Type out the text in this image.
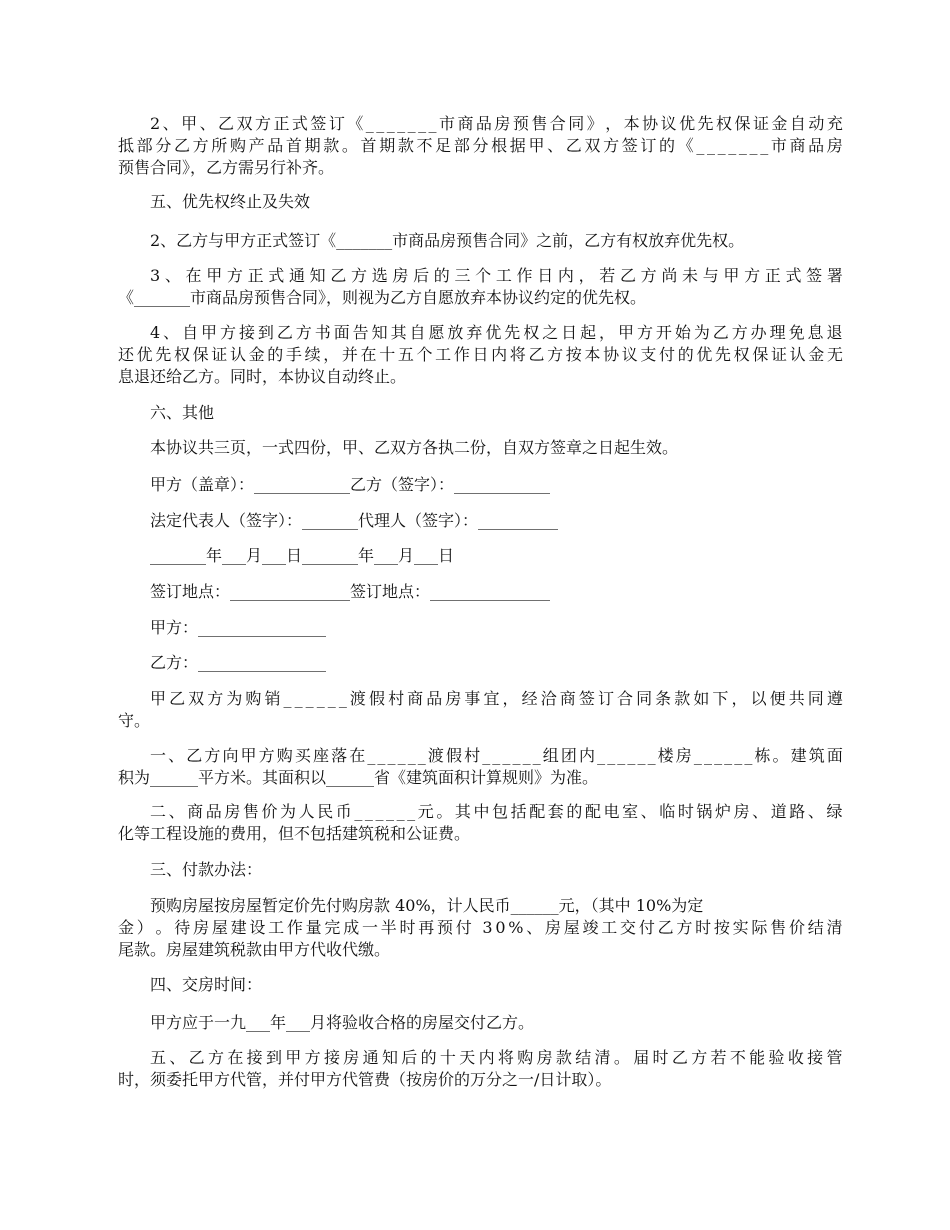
2 、 甲 、 乙 双 方 正 式 签 订 《 _ _ _ _ _ _ _ 市 商 品 房 预 售 合 同 》 ， 本 协 议 优 先 权 保 证 金 自 动 充
抵 部 分 乙 方 所 购 产 品 首 期 款 。 首 期 款 不 足 部 分 根 据 甲 、 乙 双 方 签 订 的 《 _ _ _ _ _ _ _ 市 商 品 房
预售合同》，乙方需另行补齐。

五、优先权终止及失效

2、乙方与甲方正式签订《_______市商品房预售合同》之前，乙方有权放弃优先权。

3 、 在 甲 方 正 式 通 知 乙 方 选 房 后 的 三 个 工 作 日 内 ， 若 乙 方 尚 未 与 甲 方 正 式 签 署
《_______市商品房预售合同》，则视为乙方自愿放弃本协议约定的优先权。

4 、 自 甲 方 接 到 乙 方 书 面 告 知 其 自 愿 放 弃 优 先 权 之 日 起 ， 甲 方 开 始 为 乙 方 办 理 免 息 退
还 优 先 权 保 证 认 金 的 手 续 ， 并 在 十 五 个 工 作 日 内 将 乙 方 按 本 协 议 支 付 的 优 先 权 保 证 认 金 无
息退还给乙方。同时，本协议自动终止。

六、其他

本协议共三页，一式四份，甲、乙双方各执二份，自双方签章之日起生效。

甲方（盖章）：____________乙方（签字）：____________

法定代表人（签字）：_______代理人（签字）：__________

_______年___月___日_______年___月___日

签订地点：_______________签订地点：_______________

甲方：________________

乙方：________________

甲 乙 双 方 为 购 销 _ _ _ _ _ _ 渡 假 村 商 品 房 事 宜 ， 经 洽 商 签 订 合 同 条 款 如 下 ， 以 便 共 同 遵
守。

一 、 乙 方 向 甲 方 购 买 座 落 在 _ _ _ _ _ _ 渡 假 村 _ _ _ _ _ _ 组 团 内 _ _ _ _ _ _ 楼 房 _ _ _ _ _ _ 栋 。 建 筑 面
积为______平方米。其面积以______省《建筑面积计算规则》为准。

二 、 商 品 房 售 价 为 人 民 币 _ _ _ _ _ _ 元 。 其 中 包 括 配 套 的 配 电 室 、 临 时 锅 炉 房 、 道 路 、 绿
化等工程设施的费用，但不包括建筑税和公证费。

三、付款办法：

预购房屋按房屋暂定价先付购房款 40%，计人民币______元，（其中 10%为定
金 ） 。 待 房 屋 建 设 工 作 量 完 成 一 半 时 再 预 付
3 0 % 、 房 屋 竣 工 交 付 乙 方 时 按 实 际 售 价 结 清
尾款。房屋建筑税款由甲方代收代缴。

四、交房时间：

甲方应于一九___年___月将验收合格的房屋交付乙方。

五 、 乙 方 在 接 到 甲 方 接 房 通 知 后 的 十 天 内 将 购 房 款 结 清 。 届 时 乙 方 若 不 能 验 收 接 管
时，须委托甲方代管，并付甲方代管费（按房价的万分之一/日计取）。
